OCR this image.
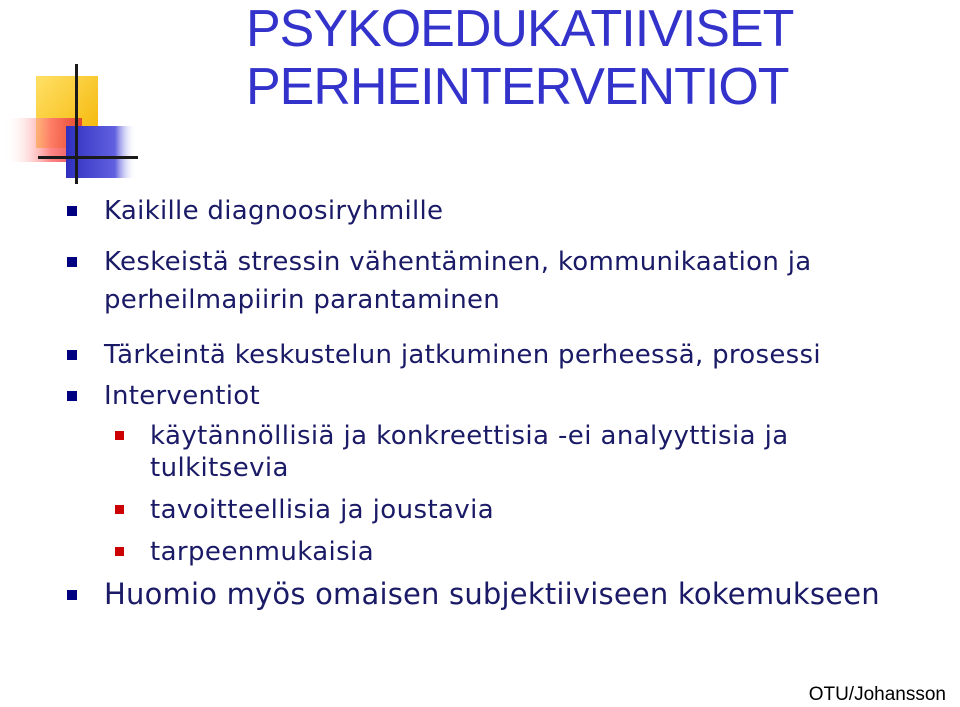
PSYKOEDUKATIIVISET
PERHEINTERVENTIOT
Kaikille diagnoosiryhmille
Keskeistä stressin vähentäminen, kommunikaation ja perheilmapiirin parantaminen
Tärkeintä keskustelun jatkuminen perheessä, prosessi
Interventiot
käytännöllisiä ja konkreettisia -ei analyyttisia ja tulkitsevia
tavoitteellisia ja joustavia
tarpeenmukaisia
Huomio myös omaisen subjektiiviseen kokemukseen
OTU/Johansson
